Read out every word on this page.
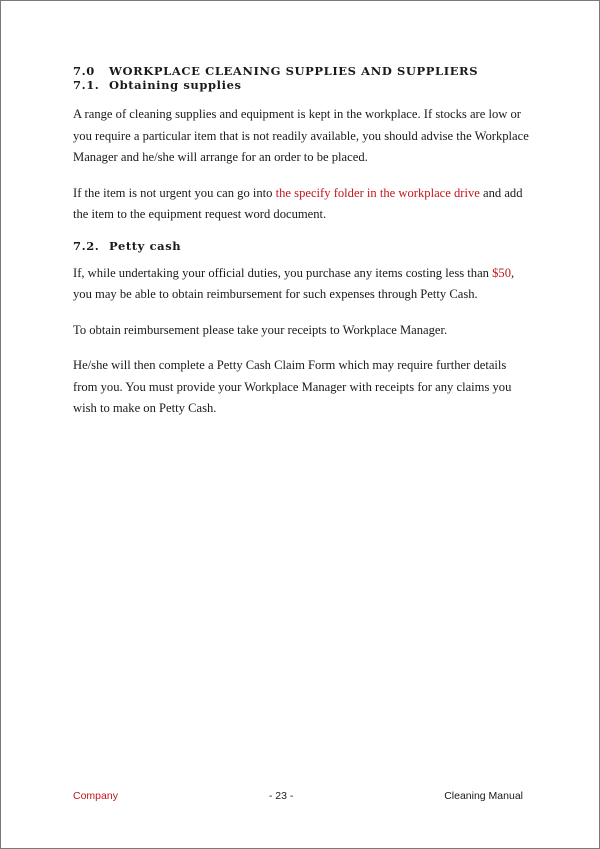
7.0	WORKPLACE CLEANING SUPPLIES AND SUPPLIERS
7.1. Obtaining supplies

A range of cleaning supplies and equipment is kept in the workplace. If stocks are low or you require a particular item that is not readily available, you should advise the Workplace Manager and he/she will arrange for an order to be placed.

If the item is not urgent you can go into the specify folder in the workplace drive and add the item to the equipment request word document.

7.2. Petty cash

If, while undertaking your official duties, you purchase any items costing less than $50, you may be able to obtain reimbursement for such expenses through Petty Cash.

To obtain reimbursement please take your receipts to Workplace Manager.

He/she will then complete a Petty Cash Claim Form which may require further details from you. You must provide your Workplace Manager with receipts for any claims you wish to make on Petty Cash.

Company	- 23 -	Cleaning Manual
